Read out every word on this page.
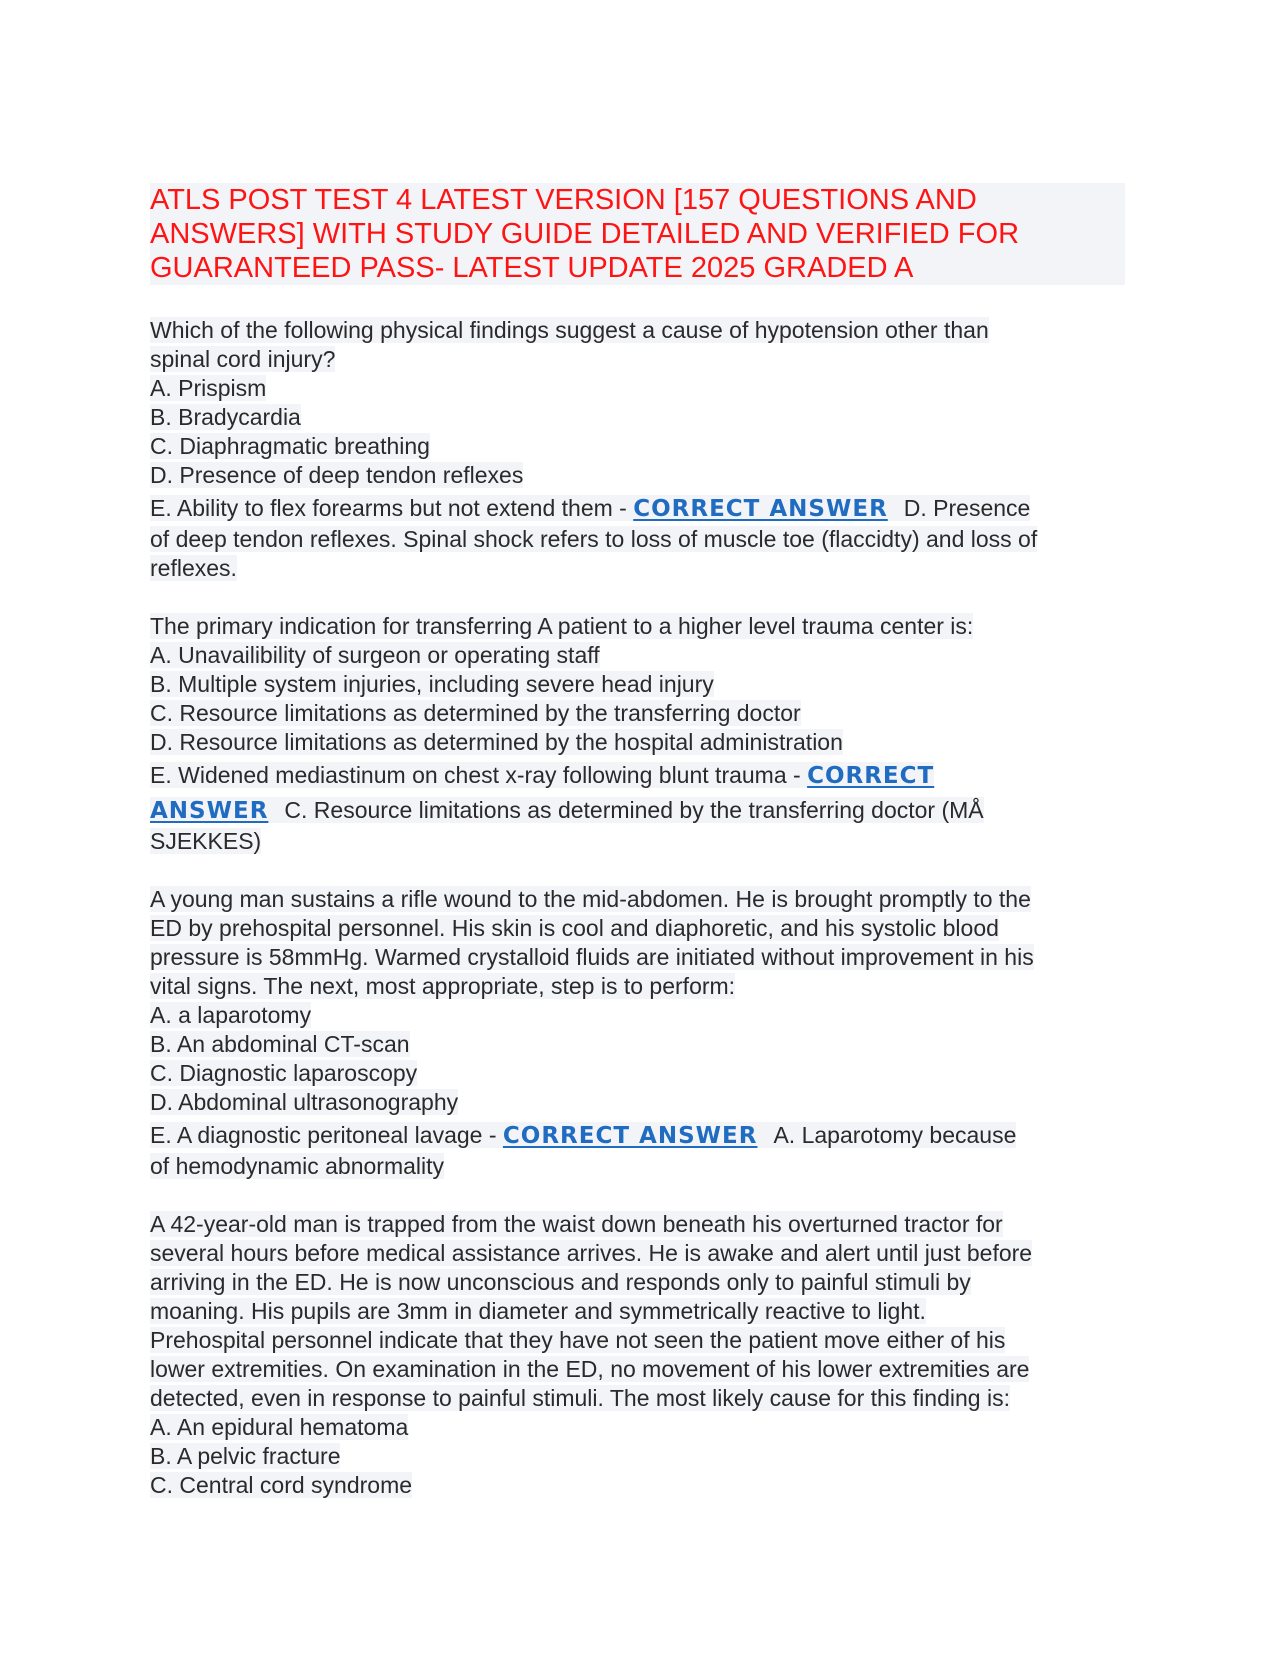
ATLS POST TEST 4 LATEST VERSION [157 QUESTIONS AND
ANSWERS] WITH STUDY GUIDE DETAILED AND VERIFIED FOR
GUARANTEED PASS- LATEST UPDATE 2025 GRADED A
Which of the following physical findings suggest a cause of hypotension other than
spinal cord injury?
A. Prispism
B. Bradycardia
C. Diaphragmatic breathing
D. Presence of deep tendon reflexes
E. Ability to flex forearms but not extend them - CORRECT ANSWER D. Presence
of deep tendon reflexes. Spinal shock refers to loss of muscle toe (flaccidty) and loss of
reflexes.
The primary indication for transferring A patient to a higher level trauma center is:
A. Unavailibility of surgeon or operating staff
B. Multiple system injuries, including severe head injury
C. Resource limitations as determined by the transferring doctor
D. Resource limitations as determined by the hospital administration
E. Widened mediastinum on chest x-ray following blunt trauma - CORRECT
ANSWER C. Resource limitations as determined by the transferring doctor (MÅ
SJEKKES)
A young man sustains a rifle wound to the mid-abdomen. He is brought promptly to the
ED by prehospital personnel. His skin is cool and diaphoretic, and his systolic blood
pressure is 58mmHg. Warmed crystalloid fluids are initiated without improvement in his
vital signs. The next, most appropriate, step is to perform:
A. a laparotomy
B. An abdominal CT-scan
C. Diagnostic laparoscopy
D. Abdominal ultrasonography
E. A diagnostic peritoneal lavage - CORRECT ANSWER A. Laparotomy because
of hemodynamic abnormality
A 42-year-old man is trapped from the waist down beneath his overturned tractor for
several hours before medical assistance arrives. He is awake and alert until just before
arriving in the ED. He is now unconscious and responds only to painful stimuli by
moaning. His pupils are 3mm in diameter and symmetrically reactive to light.
Prehospital personnel indicate that they have not seen the patient move either of his
lower extremities. On examination in the ED, no movement of his lower extremities are
detected, even in response to painful stimuli. The most likely cause for this finding is:
A. An epidural hematoma
B. A pelvic fracture
C. Central cord syndrome
